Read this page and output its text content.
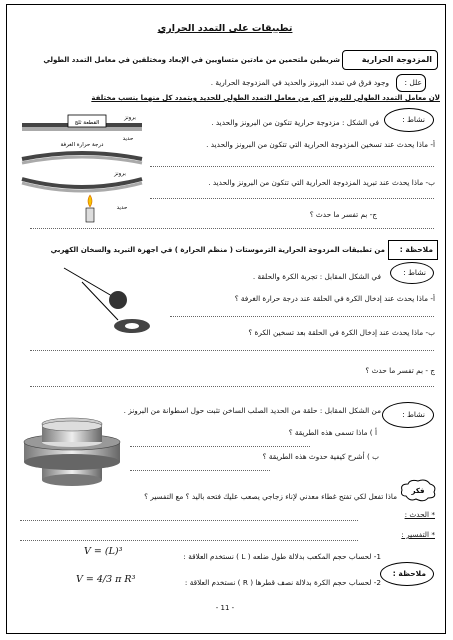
تطبيقات على التمدد الحراري
المزدوجة الحرارية
شريطين ملتحمين من مادتين متساويين في الإبعاد ومختلفين في معامل التمدد الطولي
علل :
وجود فرق في تمدد البرونز والحديد في المزدوجة الحرارية .
لأن معامل التمدد الطولي للبرونز اكبر من معامل التمدد الطولي للحديد ويتمدد كل منهما بنسب مختلفة
نشاط :
في الشكل : مزدوجة حرارية تتكون من البرونز والحديد .
أ- ماذا يحدث عند تسخين المزدوجة الحرارية التي تتكون من البرونز والحديد .
ب- ماذا يحدث عند تبريد المزدوجة الحرارية التي تتكون من البرونز والحديد .
ج- بم تفسر ما حدث ؟
القطعة ثلج
برونز
حديد
درجة حرارة الغرفة
برونز
حديد
ملاحظة :
من تطبيقات المزدوجة الحرارية الترموستات ( منظم الحرارة ) في أجهزة التبريد والسخان الكهربي
نشاط :
في الشكل المقابل : تجربة الكرة والحلقة .
أ- ماذا يحدث عند إدخال الكرة في الحلقة عند درجة حرارة الغرفة ؟
ب- ماذا يحدث عند إدخال الكرة في الحلقة بعد تسخين الكرة ؟
ج - بم تفسر ما حدث ؟
نشاط :
من الشكل المقابل : حلقة من الحديد الصلب الساخن تثبت حول اسطوانة من البرونز .
أ ) ماذا تسمى هذه الطريقة ؟
ب ) أشرح كيفية حدوث هذه الطريقة ؟
فكر
ماذا تفعل لكي تفتح غطاء معدني لإناء زجاجي يصعب عليك فتحه باليد ؟ مع التفسير ؟
* الحدث :
* التفسير :
ملاحظة :
1- لحساب حجم المكعب بدلالة طول ضلعه ( L ) نستخدم العلاقة :
2- لحساب حجم الكرة بدلالة نصف قطرها ( R ) نستخدم العلاقة :
V = (L)³
V = 4/3 π R³
- 11 -
